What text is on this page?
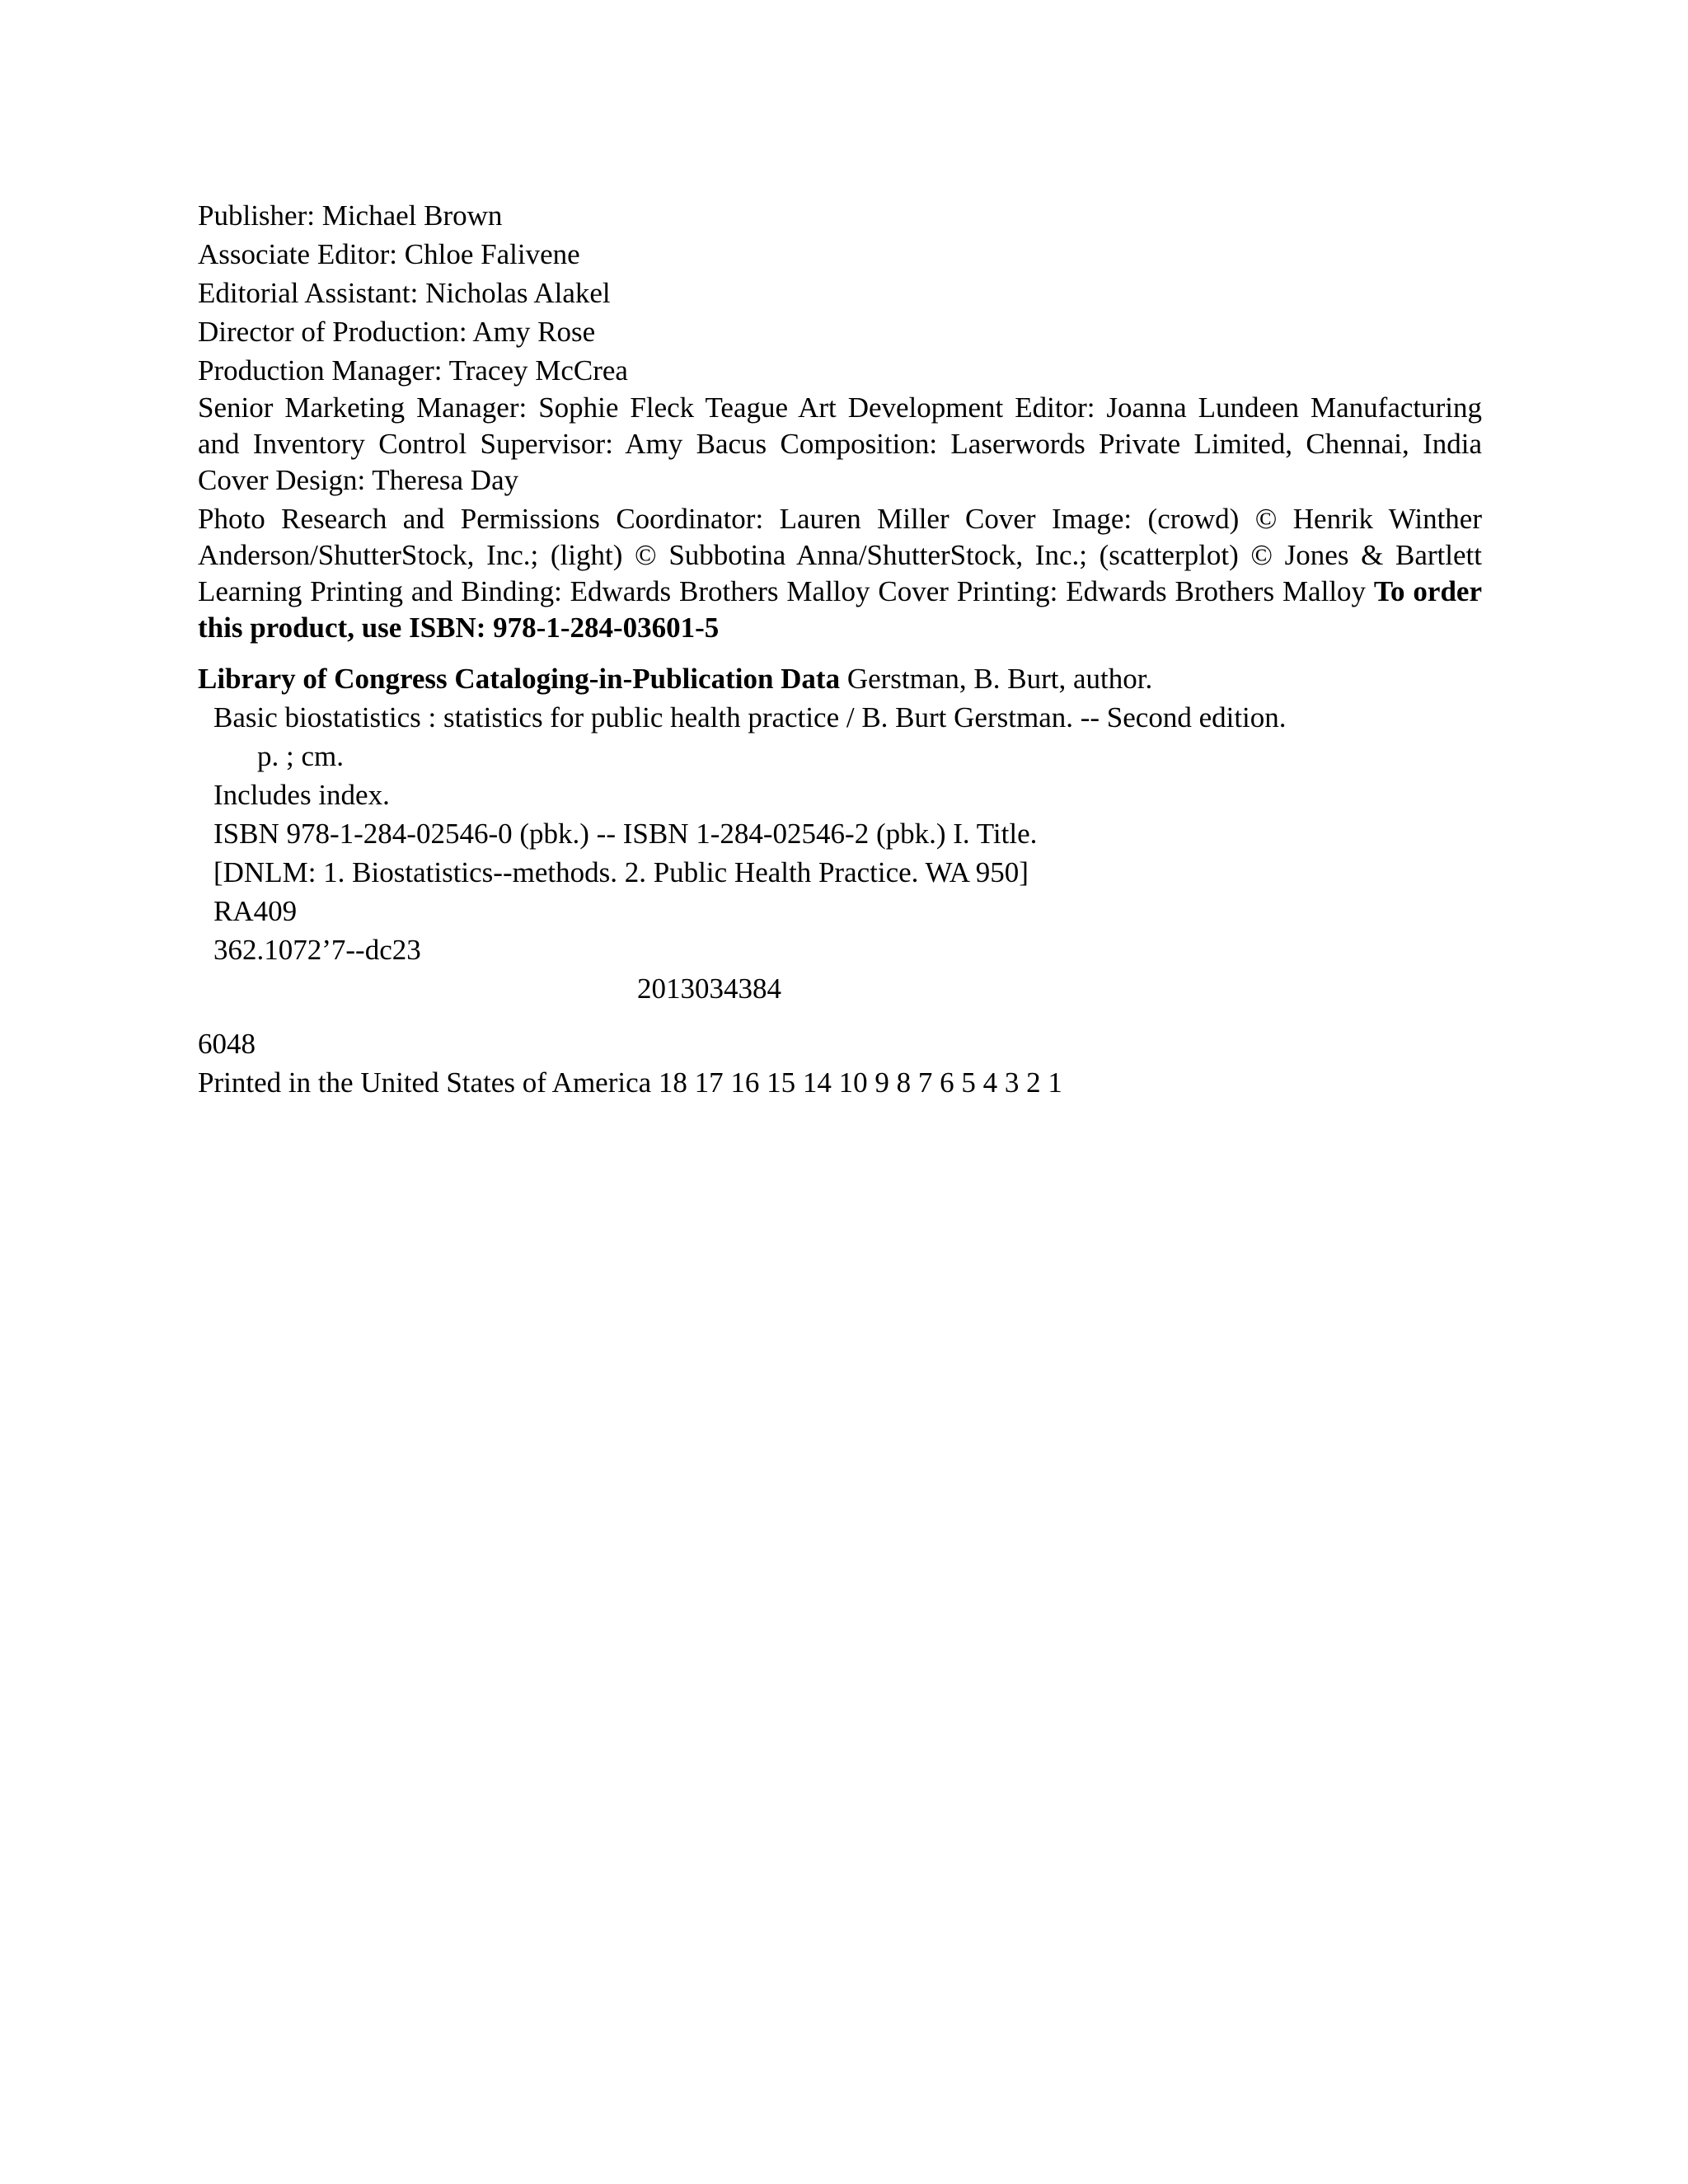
Publisher: Michael Brown
Associate Editor: Chloe Falivene
Editorial Assistant: Nicholas Alakel
Director of Production: Amy Rose
Production Manager: Tracey McCrea
Senior Marketing Manager: Sophie Fleck Teague Art Development Editor: Joanna Lundeen Manufacturing and Inventory Control Supervisor: Amy Bacus Composition: Laserwords Private Limited, Chennai, India Cover Design: Theresa Day
Photo Research and Permissions Coordinator: Lauren Miller Cover Image: (crowd) © Henrik Winther Anderson/ShutterStock, Inc.; (light) © Subbotina Anna/ShutterStock, Inc.; (scatterplot) © Jones & Bartlett Learning Printing and Binding: Edwards Brothers Malloy Cover Printing: Edwards Brothers Malloy To order this product, use ISBN: 978-1-284-03601-5
Library of Congress Cataloging-in-Publication Data Gerstman, B. Burt, author.
Basic biostatistics : statistics for public health practice / B. Burt Gerstman. -- Second edition.
p. ; cm.
Includes index.
ISBN 978-1-284-02546-0 (pbk.) -- ISBN 1-284-02546-2 (pbk.) I. Title.
[DNLM: 1. Biostatistics--methods. 2. Public Health Practice. WA 950]
RA409
362.1072’7--dc23
2013034384
6048
Printed in the United States of America 18 17 16 15 14 10 9 8 7 6 5 4 3 2 1
